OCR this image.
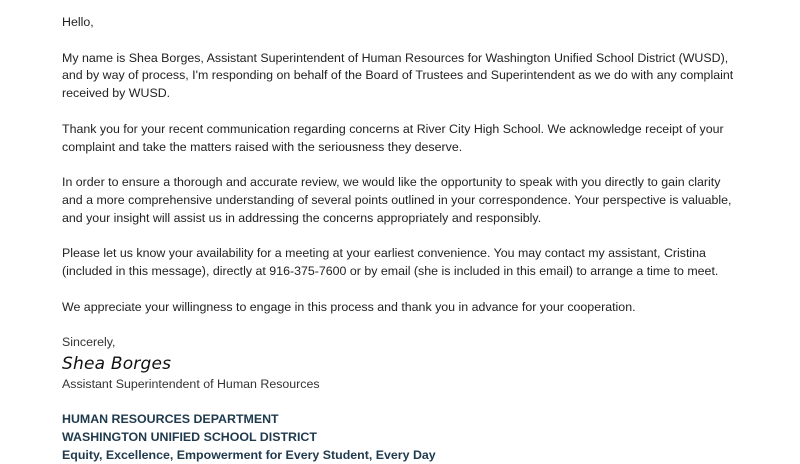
Hello,

My name is Shea Borges, Assistant Superintendent of Human Resources for Washington Unified School District (WUSD), and by way of process, I'm responding on behalf of the Board of Trustees and Superintendent as we do with any complaint received by WUSD.

Thank you for your recent communication regarding concerns at River City High School. We acknowledge receipt of your complaint and take the matters raised with the seriousness they deserve.

In order to ensure a thorough and accurate review, we would like the opportunity to speak with you directly to gain clarity and a more comprehensive understanding of several points outlined in your correspondence. Your perspective is valuable, and your insight will assist us in addressing the concerns appropriately and responsibly.

Please let us know your availability for a meeting at your earliest convenience. You may contact my assistant, Cristina (included in this message), directly at 916-375-7600 or by email (she is included in this email) to arrange a time to meet.

We appreciate your willingness to engage in this process and thank you in advance for your cooperation.

Sincerely,

Shea Borges

Assistant Superintendent of Human Resources

HUMAN RESOURCES DEPARTMENT

WASHINGTON UNIFIED SCHOOL DISTRICT

Equity, Excellence, Empowerment for Every Student, Every Day
